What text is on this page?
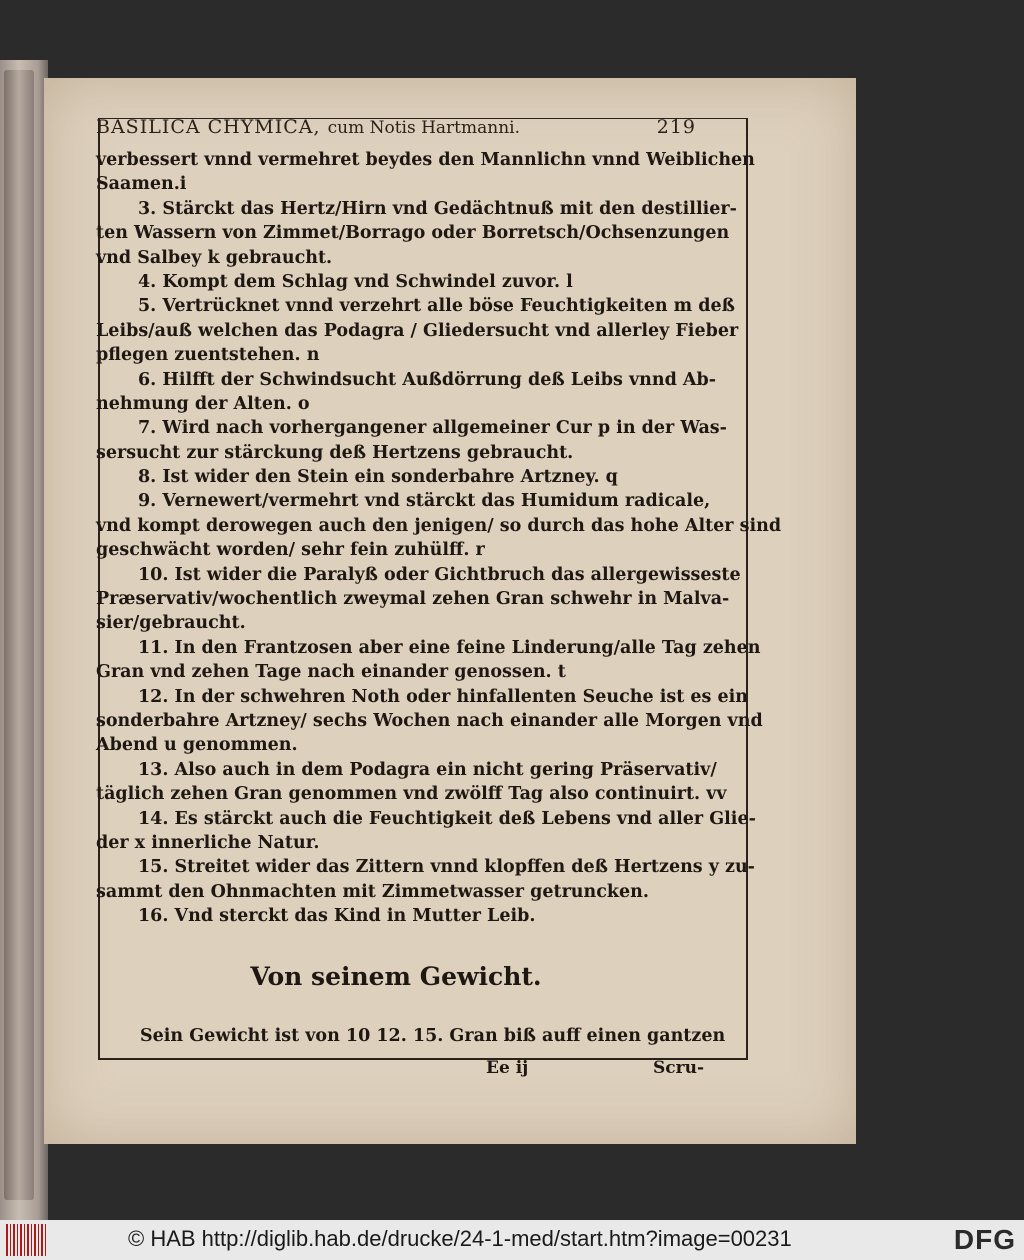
BASILICA CHYMICA, cum Notis Hartmanni.	219
verbessert vnnd vermehret beydes den Mannlichn vnnd Weiblichen
Saamen.i
3. Stärckt das Hertz/Hirn vnd Gedächtnuß mit den destillier-
ten Wassern von Zimmet/Borrago oder Borretsch/Ochsenzungen
vnd Salbey k gebraucht.
4. Kompt dem Schlag vnd Schwindel zuvor. l
5. Vertrücknet vnnd verzehrt alle böse Feuchtigkeiten m deß
Leibs/auß welchen das Podagra / Gliedersucht vnd allerley Fieber
pflegen zuentstehen. n
6. Hilfft der Schwindsucht Außdörrung deß Leibs vnnd Ab-
nehmung der Alten. o
7. Wird nach vorhergangener allgemeiner Cur p in der Was-
sersucht zur stärckung deß Hertzens gebraucht.
8. Ist wider den Stein ein sonderbahre Artzney. q
9. Vernewert/vermehrt vnd stärckt das Humidum radicale,
vnd kompt derowegen auch den jenigen/ so durch das hohe Alter sind
geschwächt worden/ sehr fein zuhülff. r
10. Ist wider die Paralyß oder Gichtbruch das allergewisseste
Præservativ/wochentlich zweymal zehen Gran schwehr in Malva-
sier/gebraucht.
11. In den Frantzosen aber eine feine Linderung/alle Tag zehen
Gran vnd zehen Tage nach einander genossen. t
12. In der schwehren Noth oder hinfallenten Seuche ist es ein
sonderbahre Artzney/ sechs Wochen nach einander alle Morgen vnd
Abend u genommen.
13. Also auch in dem Podagra ein nicht gering Präservativ/
täglich zehen Gran genommen vnd zwölff Tag also continuirt. vv
14. Es stärckt auch die Feuchtigkeit deß Lebens vnd aller Glie-
der x innerliche Natur.
15. Streitet wider das Zittern vnnd klopffen deß Hertzens y zu-
sammt den Ohnmachten mit Zimmetwasser getruncken.
16. Vnd sterckt das Kind in Mutter Leib.
Von seinem Gewicht.
Sein Gewicht ist von 10 12. 15. Gran biß auff einen gantzen
Ee ij	Scru-
© HAB http://diglib.hab.de/drucke/24-1-med/start.htm?image=00231	DFG
